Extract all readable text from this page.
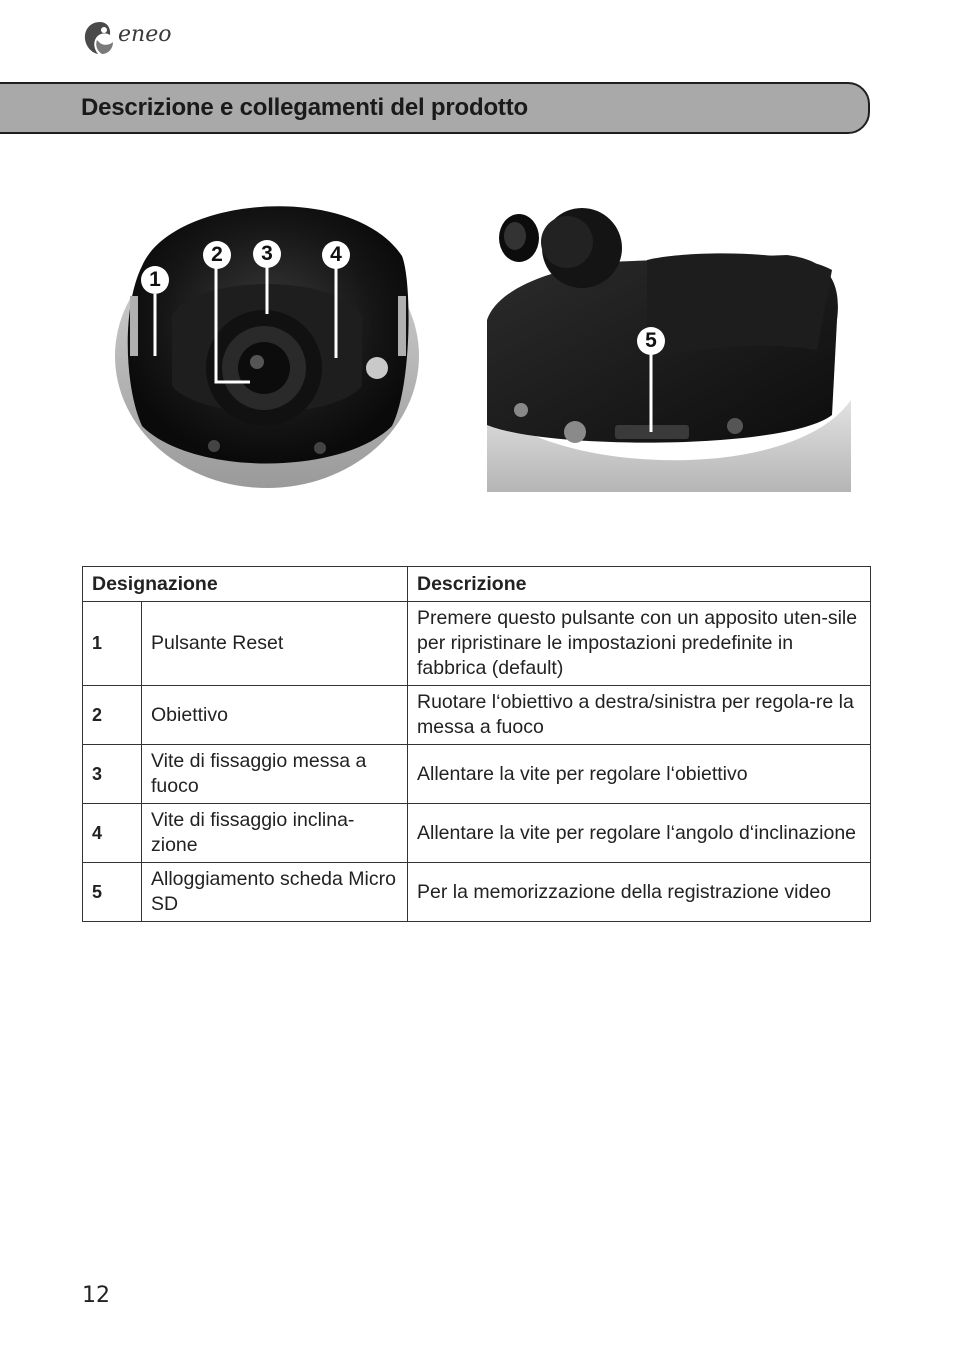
eneo
Descrizione e collegamenti del prodotto
1
2	3	4
5
Designazione		Descrizione
1	Pulsante Reset	Premere questo pulsante con un apposito uten-sile per ripristinare le impostazioni predefinite in fabbrica (default)
2	Obiettivo	Ruotare l‘obiettivo a destra/sinistra per regola-re la messa a fuoco
3	Vite di fissaggio messa a fuoco	Allentare la vite per regolare l‘obiettivo
4	Vite di fissaggio inclina-zione	Allentare la vite per regolare l‘angolo d‘inclinazione
5	Alloggiamento scheda Micro SD	Per la memorizzazione della registrazione video
12
